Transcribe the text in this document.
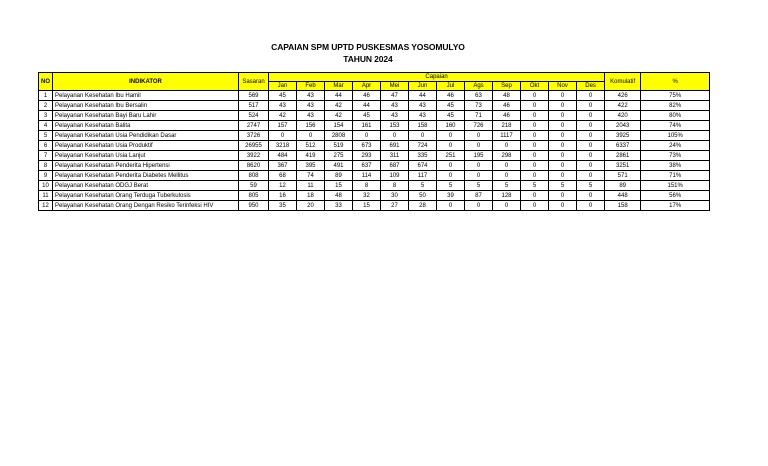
CAPAIAN SPM UPTD PUSKESMAS YOSOMULYO
TAHUN 2024
NO	INDIKATOR	Sasaran	Capaian												Komulatif	%
			Jan	Feb	Mar	Apr	Mei	Jun	Jul	Ags	Sep	Okt	Nov	Des		
1	Pelayanan Kesehatan Ibu Hamil	569	45	43	44	46	47	44	46	63	48	0	0	0	426	75%
2	Pelayanan Kesehatan Ibu Bersalin	517	43	43	42	44	43	43	45	73	46	0	0	0	422	82%
3	Pelayanan Kesehatan Bayi Baru Lahir	524	42	43	42	45	43	43	45	71	46	0	0	0	420	80%
4	Pelayanan Kesehatan Balita	2747	157	156	154	161	153	158	160	726	218	0	0	0	2043	74%
5	Pelayanan Kesehatan Usia Pendidikan Dasar	3726	0	0	2808	0	0	0	0	0	1117	0	0	0	3925	105%
6	Pelayanan Kesehatan Usia Produktif	26955	3218	512	519	673	691	724	0	0	0	0	0	0	6337	24%
7	Pelayanan Kesehatan Usia Lanjut	3922	484	419	275	293	311	335	251	195	298	0	0	0	2861	73%
8	Pelayanan Kesehatan Penderita Hipertensi	8620	367	395	491	637	687	674	0	0	0	0	0	0	3251	38%
9	Pelayanan Kesehatan Penderita Diabetes Mellitus	808	68	74	89	114	109	117	0	0	0	0	0	0	571	71%
10	Pelayanan Kesehatan ODGJ Berat	59	12	11	15	8	8	5	5	5	5	5	5	5	89	151%
11	Pelayanan Kesehatan Orang Terduga Tuberkulosis	805	16	18	48	32	30	50	39	87	128	0	0	0	448	56%
12	Pelayanan Kesehatan Orang Dengan Resiko Terinfeksi HIV	950	35	20	33	15	27	28	0	0	0	0	0	0	158	17%
